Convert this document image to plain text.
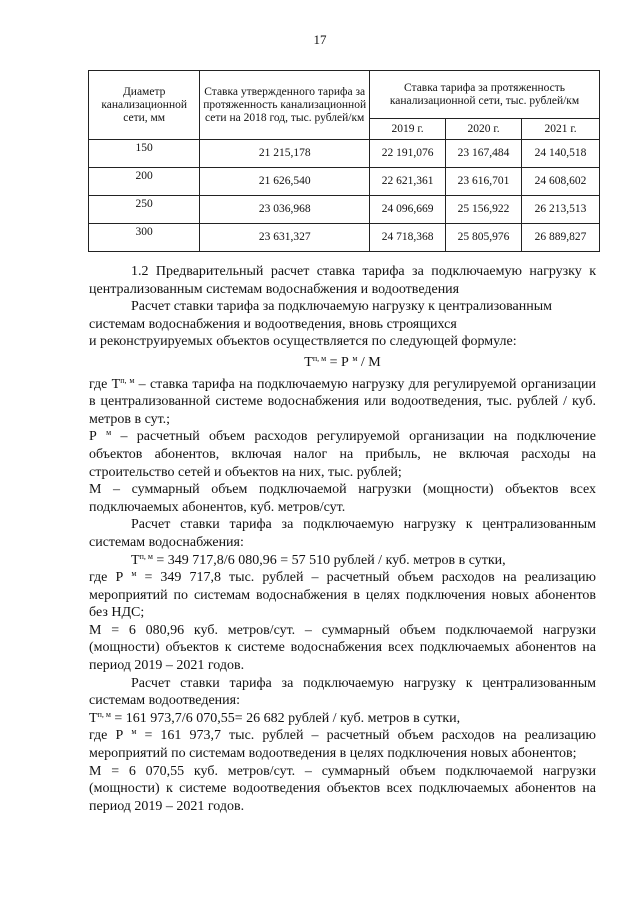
17
Диаметр канализационной сети, мм	Ставка утвержденного тарифа за протяженность канализационной сети на 2018 год, тыс. рублей/км	Ставка тарифа за протяженность канализационной сети, тыс. рублей/км		
		2019 г.	2020 г.	2021 г.
150	21 215,178	22 191,076	23 167,484	24 140,518
200	21 626,540	22 621,361	23 616,701	24 608,602
250	23 036,968	24 096,669	25 156,922	26 213,513
300	23 631,327	24 718,368	25 805,976	26 889,827

1.2 Предварительный расчет ставка тарифа за подключаемую нагрузку к централизованным системам водоснабжения и водоотведения

Расчет ставки тарифа за подключаемую нагрузку к централизованным

системам водоснабжения и водоотведения, вновь строящихся

и реконструируемых объектов осуществляется по следующей формуле:

$Т^{п, м} = Р$ $^м$ / М

где $Т^{п, м}$ – ставка тарифа на подключаемую нагрузку для регулируемой организации в централизованной системе водоснабжения или водоотведения, тыс. рублей / куб. метров в сут.;

Р $^м$ – расчетный объем расходов регулируемой организации на подключение объектов абонентов, включая налог на прибыль, не включая расходы на строительство сетей и объектов на них, тыс. рублей;

М – суммарный объем подключаемой нагрузки (мощности) объектов всех подключаемых абонентов, куб. метров/сут.

Расчет ставки тарифа за подключаемую нагрузку к централизованным системам водоснабжения:

$Т^{п, м} = 349$ 717,8/6 080,96 = 57 510 рублей / куб. метров в сутки,

где Р $^м$ = 349 717,8 тыс. рублей – расчетный объем расходов на реализацию мероприятий по системам водоснабжения в целях подключения новых абонентов без НДС;

М = 6 080,96 куб. метров/сут. – суммарный объем подключаемой нагрузки (мощности) объектов к системе водоснабжения всех подключаемых абонентов на период 2019 – 2021 годов.

Расчет ставки тарифа за подключаемую нагрузку к централизованным системам водоотведения:

$Т^{п, м} = 161$ 973,7/6 070,55= 26 682 рублей / куб. метров в сутки,

где Р $^м$ = 161 973,7 тыс. рублей – расчетный объем расходов на реализацию мероприятий по системам водоотведения в целях подключения новых абонентов;

М = 6 070,55 куб. метров/сут. – суммарный объем подключаемой нагрузки (мощности) к системе водоотведения объектов всех подключаемых абонентов на период 2019 – 2021 годов.
